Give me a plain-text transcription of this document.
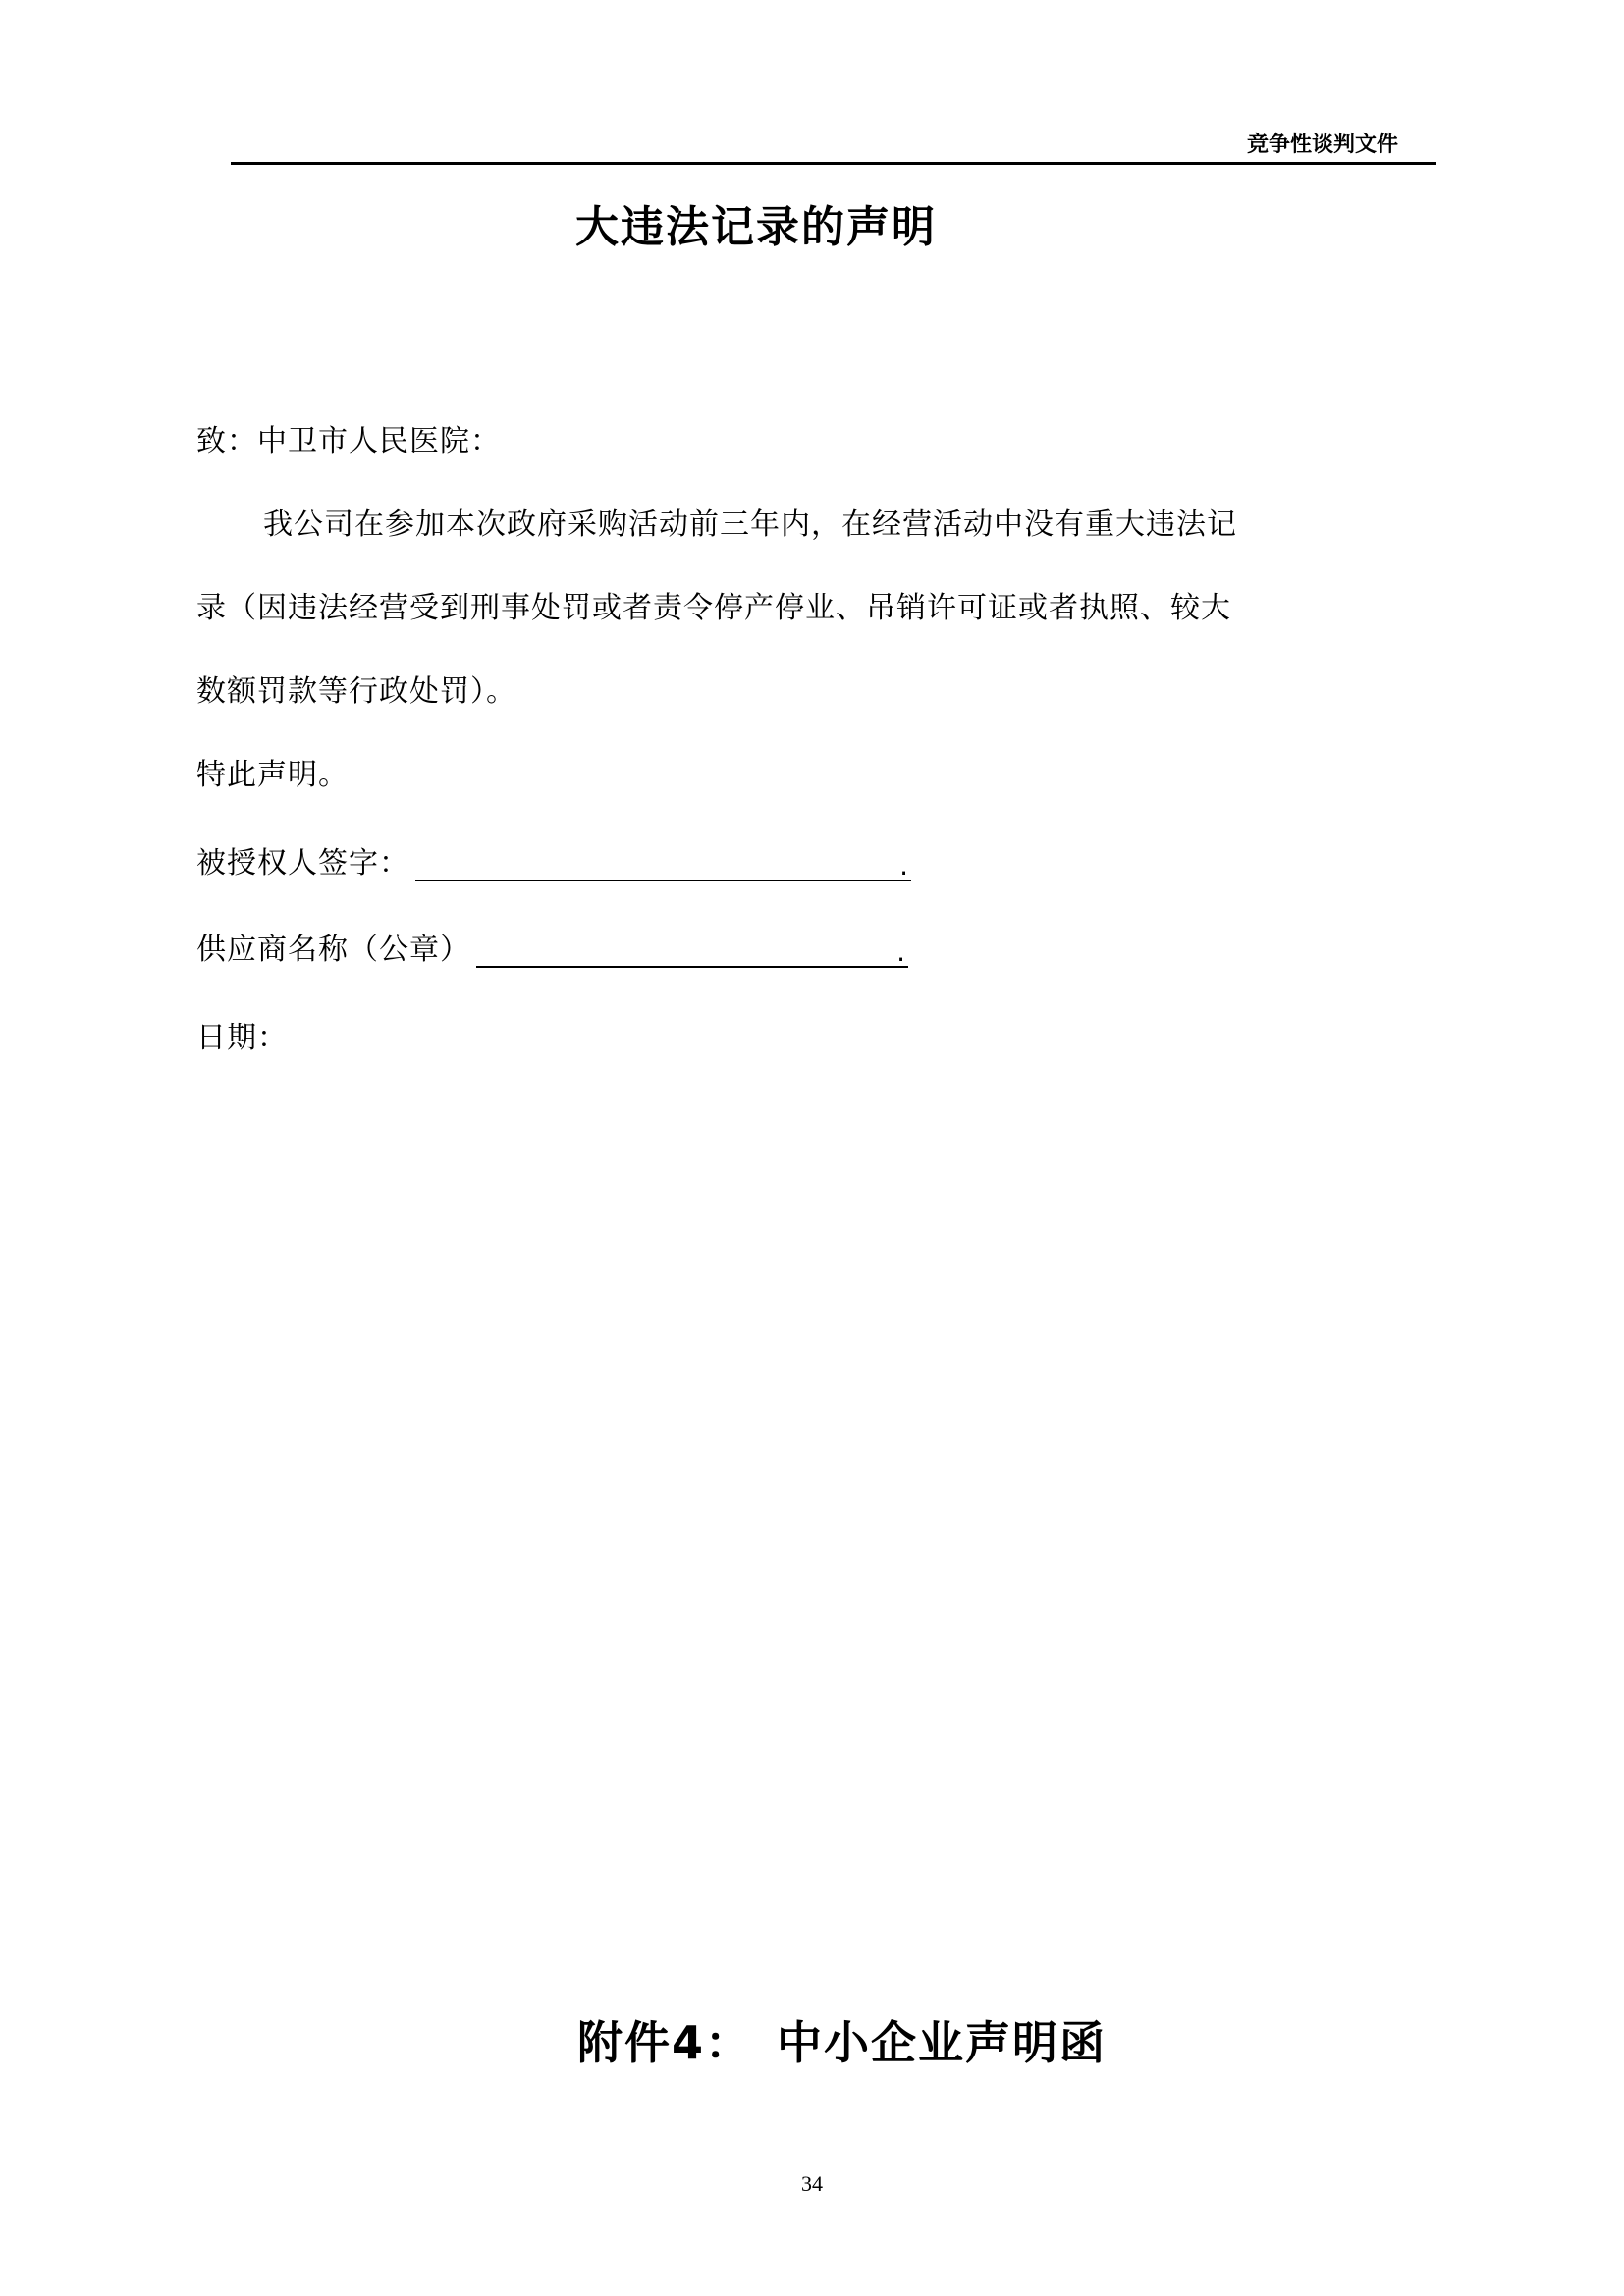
竞争性谈判文件
大违法记录的声明
致：中卫市人民医院：
我公司在参加本次政府采购活动前三年内，在经营活动中没有重大违法记
录（因违法经营受到刑事处罚或者责令停产停业、吊销许可证或者执照、较大
数额罚款等行政处罚）。
特此声明。
被授权人签字：	.
供应商名称（公章）	.
日期：
附件4：　中小企业声明函
34
